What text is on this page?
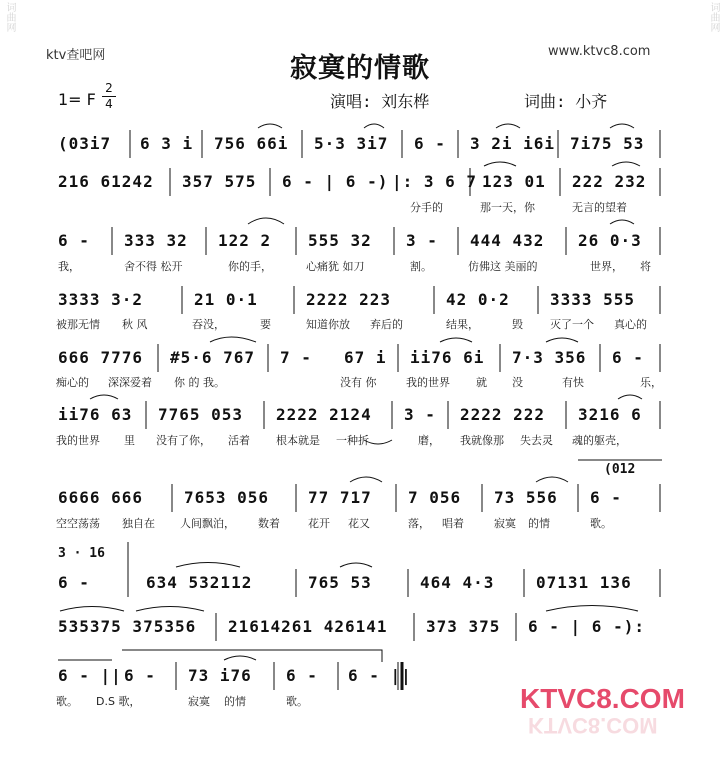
词曲网	词曲网
ktv查吧网	www.ktvc8.com
寂寞的情歌
1= F
2
4	演唱: 刘东桦	词曲: 小齐
(03i7 6 3 i 756 66i 5·3 3i7 6 - 3 2i i6i 7i75 53
216 61242 357 575 6 - | 6 -) |: 3 6 7 123 01 222 232
分手的	那一天，你	无言的望着
6 - 333 32 122 2 555 32 3 - 444 432 26 0·3
我，	舍不得 松开	你的手，	心痛犹 如刀	割。	仿佛这 美丽的	世界， 将
3333 3·2	21 0·1	2222 223	42 0·2	3333 555
被那无情 秋 风	吞没，	要	知道你放 弃后的	结果，	毁 灭了一个 真心的
666 7776 #5·6 767 7 - 67 i ii76 6i 7·3 356 6 -
痴心的 深深爱着 你 的 我。	没有 你	我的世界 就 没	有快	乐，
ii76 63 7765 053 2222 2124 3 - 2222 222 3216 6
我的世界 里 没有了你， 活着 根本就是 一种折	磨， 我就像那 失去灵 魂的躯壳，
(012
6666 666	7653 056 77 717 7 056 73 556 6 -
空空荡荡 独自在 人间飘泊， 数着	花开 花又	落， 唱着	寂寞 的情	歌。
3 · 16
6 -	634 532112	765 53	464 4·3	07131 136
535375 375356 21614261 426141 373 375 6 - | 6 -):
6 - || 6 - 73 i76 6 - 6 - ||
歌。 D.S 歌，	寂寞 的情	歌。	KTVC8.COM
KTVC8.COM
